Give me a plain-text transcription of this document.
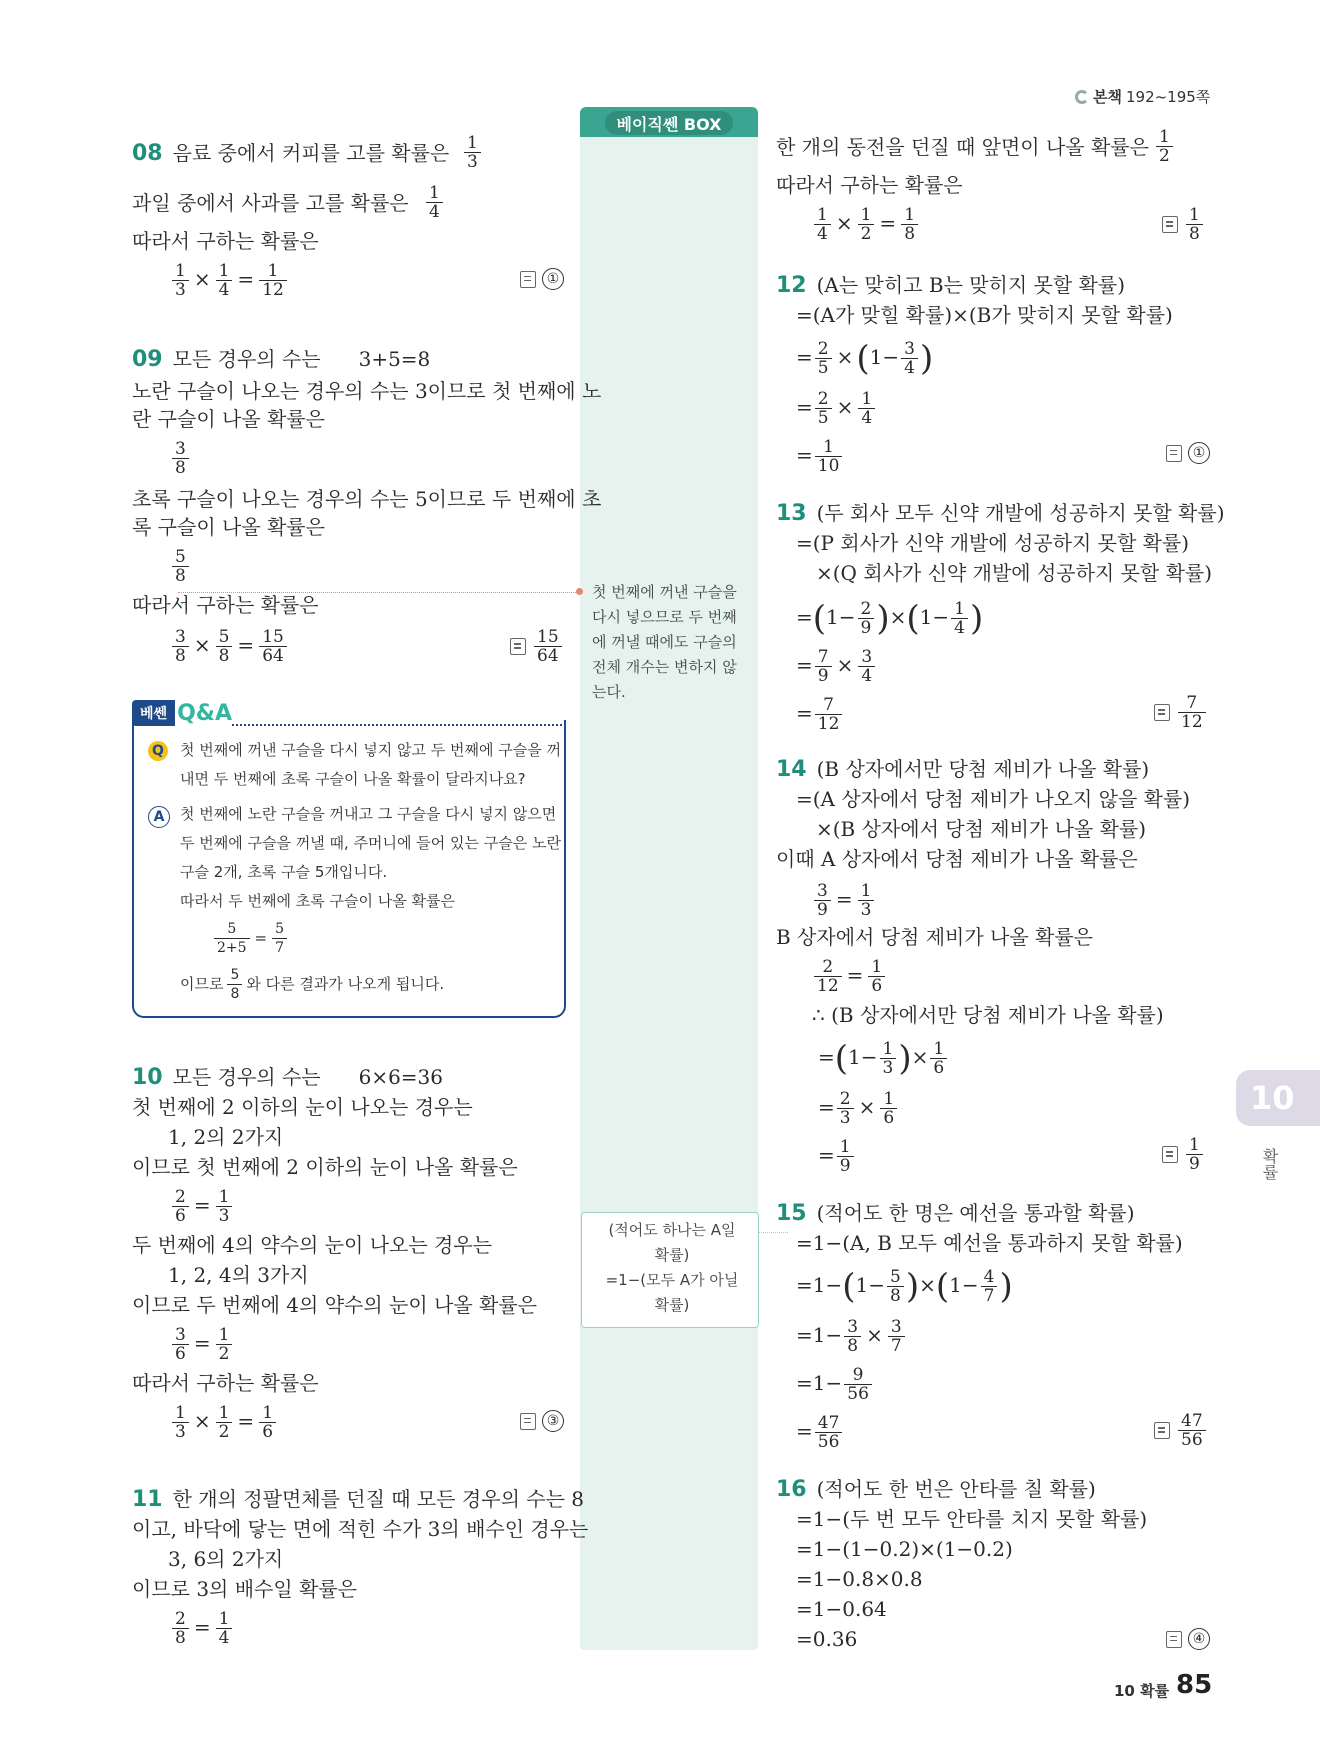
본책 192~195쪽
베이직쎈 BOX
08 음료 중에서 커피를 고를 확률은 $\frac{1}{3}$
과일 중에서 사과를 고를 확률은 $\frac{1}{4}$
따라서 구하는 확률은
$\frac{1}{3} \times \frac{1}{4} = \frac{1}{12}$	①
09 모든 경우의 수는 3+5=8
노란 구슬이 나오는 경우의 수는 3이므로 첫 번째에 노
란 구슬이 나올 확률은
$\frac{3}{8}$
초록 구슬이 나오는 경우의 수는 5이므로 두 번째에 초
록 구슬이 나올 확률은
$\frac{5}{8}$
따라서 구하는 확률은
$\frac{3}{8} \times \frac{5}{8} = \frac{15}{64}$	$\frac{15}{64}$
첫 번째에 꺼낸 구슬을
다시 넣으므로 두 번째
에 꺼낼 때에도 구슬의
전체 개수는 변하지 않
는다.
베쎈 Q&A
Q 첫 번째에 꺼낸 구슬을 다시 넣지 않고 두 번째에 구슬을 꺼
내면 두 번째에 초록 구슬이 나올 확률이 달라지나요?
A	첫 번째에 노란 구슬을 꺼내고 그 구슬을 다시 넣지 않으면
두 번째에 구슬을 꺼낼 때, 주머니에 들어 있는 구슬은 노란
구슬 2개, 초록 구슬 5개입니다.
따라서 두 번째에 초록 구슬이 나올 확률은
$\frac{5}{2+5} = \frac{5}{7}$
이므로 $\frac{5}{8}$ 와 다른 결과가 나오게 됩니다.
10 모든 경우의 수는 6×6=36
첫 번째에 2 이하의 눈이 나오는 경우는
1, 2의 2가지
이므로 첫 번째에 2 이하의 눈이 나올 확률은
$\frac{2}{6} = \frac{1}{3}$
두 번째에 4의 약수의 눈이 나오는 경우는
1, 2, 4의 3가지
이므로 두 번째에 4의 약수의 눈이 나올 확률은
$\frac{3}{6} = \frac{1}{2}$
따라서 구하는 확률은
$\frac{1}{3} \times \frac{1}{2} = \frac{1}{6}$	③
11 한 개의 정팔면체를 던질 때 모든 경우의 수는 8
이고, 바닥에 닿는 면에 적힌 수가 3의 배수인 경우는
3, 6의 2가지
이므로 3의 배수일 확률은
$\frac{2}{8} = \frac{1}{4}$
(적어도 하나는 A일
확률)
=1−(모두 A가 아닐
확률)
한 개의 동전을 던질 때 앞면이 나올 확률은 $\frac{1}{2}$
따라서 구하는 확률은
$\frac{1}{4} \times \frac{1}{2} = \frac{1}{8}$	$\frac{1}{8}$
12 (A는 맞히고 B는 맞히지 못할 확률)
=(A가 맞힐 확률)×(B가 맞히지 못할 확률)
= $\frac{2}{5} \times(1- \frac{3}{4}$ )
= $\frac{2}{5} \times \frac{1}{4}$
= $\frac{1}{10}$	①
13 (두 회사 모두 신약 개발에 성공하지 못할 확률)
=(P 회사가 신약 개발에 성공하지 못할 확률)
×(Q 회사가 신약 개발에 성공하지 못할 확률)
$=(1- \frac{2}{9} )\times(1- \frac{1}{4}$ )
= $\frac{7}{9} \times \frac{3}{4}$
= $\frac{7}{12}$	$\frac{7}{12}$
14 (B 상자에서만 당첨 제비가 나올 확률)
=(A 상자에서 당첨 제비가 나오지 않을 확률)
×(B 상자에서 당첨 제비가 나올 확률)
이때 A 상자에서 당첨 제비가 나올 확률은
$\frac{3}{9} = \frac{1}{3}$
B 상자에서 당첨 제비가 나올 확률은
$\frac{2}{12} = \frac{1}{6}$
∴ (B 상자에서만 당첨 제비가 나올 확률)
$=(1- \frac{1}{3}$ )× $\frac{1}{6}$
= $\frac{2}{3} \times \frac{1}{6}$
= $\frac{1}{9}$	$\frac{1}{9}$
15 (적어도 한 명은 예선을 통과할 확률)
=1−(A, B 모두 예선을 통과하지 못할 확률)
$=1-(1- \frac{5}{8} )\times(1- \frac{4}{7}$ )
$=1- \frac{3}{8} \times \frac{3}{7}$
$=1- \frac{9}{56}$
= $\frac{47}{56}$	$\frac{47}{56}$
16 (적어도 한 번은 안타를 칠 확률)
=1−(두 번 모두 안타를 치지 못할 확률)
=1−(1−0.2)×(1−0.2)
=1−0.8×0.8
=1−0.64
=0.36	④
10
확률
10 확률 85
